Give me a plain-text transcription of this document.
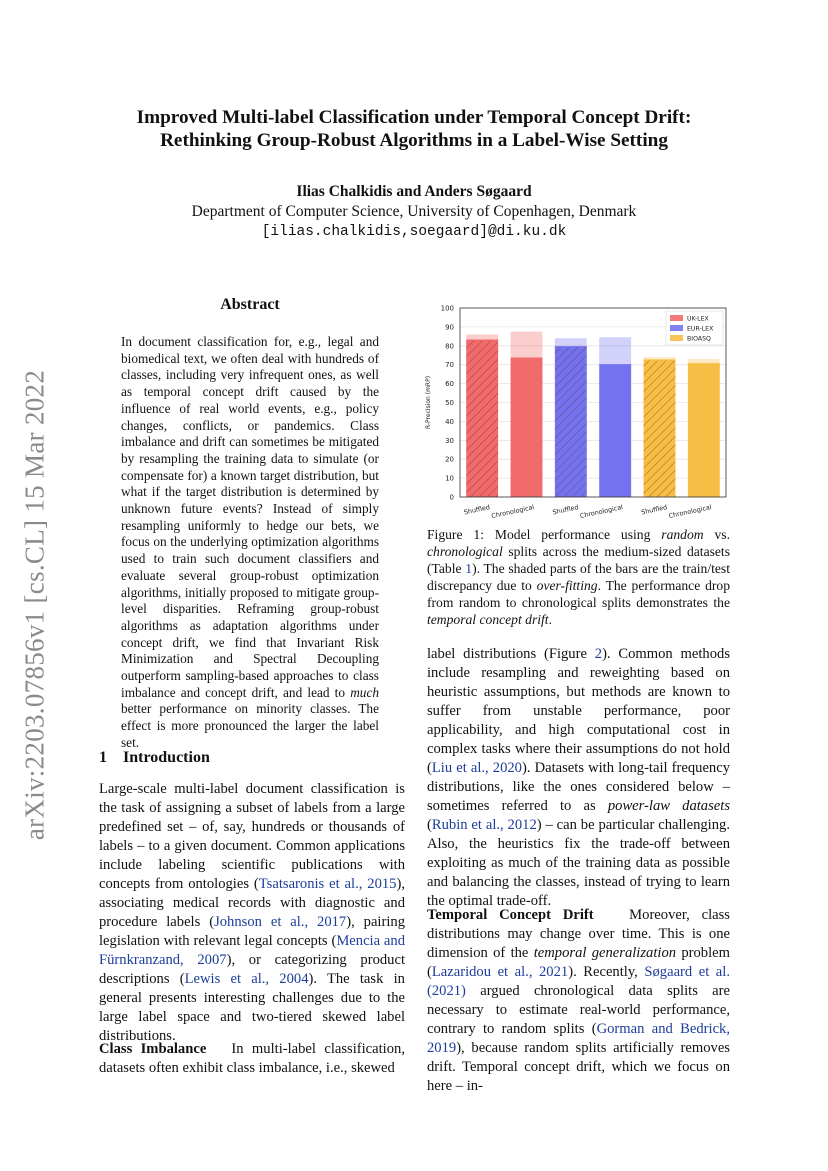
arXiv:2203.07856v1 [cs.CL] 15 Mar 2022
Improved Multi-label Classification under Temporal Concept Drift:
Rethinking Group-Robust Algorithms in a Label-Wise Setting
Ilias Chalkidis and Anders Søgaard
Department of Computer Science, University of Copenhagen, Denmark
[ilias.chalkidis,soegaard]@di.ku.dk
Abstract
In document classification for, e.g., legal and biomedical text, we often deal with hundreds of classes, including very infrequent ones, as well as temporal concept drift caused by the influence of real world events, e.g., policy changes, conflicts, or pandemics. Class imbalance and drift can sometimes be mitigated by resampling the training data to simulate (or compensate for) a known target distribution, but what if the target distribution is determined by unknown future events? Instead of simply resampling uniformly to hedge our bets, we focus on the underlying optimization algorithms used to train such document classifiers and evaluate several group-robust optimization algorithms, initially proposed to mitigate group-level disparities. Reframing group-robust algorithms as adaptation algorithms under concept drift, we find that Invariant Risk Minimization and Spectral Decoupling outperform sampling-based approaches to class imbalance and concept drift, and lead to much better performance on minority classes. The effect is more pronounced the larger the label set.
1 Introduction
Large-scale multi-label document classification is the task of assigning a subset of labels from a large predefined set – of, say, hundreds or thousands of labels – to a given document. Common applications include labeling scientific publications with concepts from ontologies (Tsatsaronis et al., 2015), associating medical records with diagnostic and procedure labels (Johnson et al., 2017), pairing legislation with relevant legal concepts (Mencia and Fürnkranzand, 2007), or categorizing product descriptions (Lewis et al., 2004). The task in general presents interesting challenges due to the large label space and two-tiered skewed label distributions.
Class Imbalance In multi-label classification, datasets often exhibit class imbalance, i.e., skewed
0
10
20
30
40
50
60
70
80
90
100
R-Precision (mRP)
Shuffled Chronological	Shuffled Chronological	Shuffled Chronological
UK-LEX
EUR-LEX
BIOASQ
Figure 1: Model performance using random vs. chronological splits across the medium-sized datasets (Table 1). The shaded parts of the bars are the train/test discrepancy due to over-fitting. The performance drop from random to chronological splits demonstrates the temporal concept drift.
label distributions (Figure 2). Common methods include resampling and reweighting based on heuristic assumptions, but methods are known to suffer from unstable performance, poor applicability, and high computational cost in complex tasks where their assumptions do not hold (Liu et al., 2020). Datasets with long-tail frequency distributions, like the ones considered below – sometimes referred to as power-law datasets (Rubin et al., 2012) – can be particular challenging. Also, the heuristics fix the trade-off between exploiting as much of the training data as possible and balancing the classes, instead of trying to learn the optimal trade-off.
Temporal Concept Drift Moreover, class distributions may change over time. This is one dimension of the temporal generalization problem (Lazaridou et al., 2021). Recently, Søgaard et al. (2021) argued chronological data splits are necessary to estimate real-world performance, contrary to random splits (Gorman and Bedrick, 2019), because random splits artificially removes drift. Temporal concept drift, which we focus on here – in-
